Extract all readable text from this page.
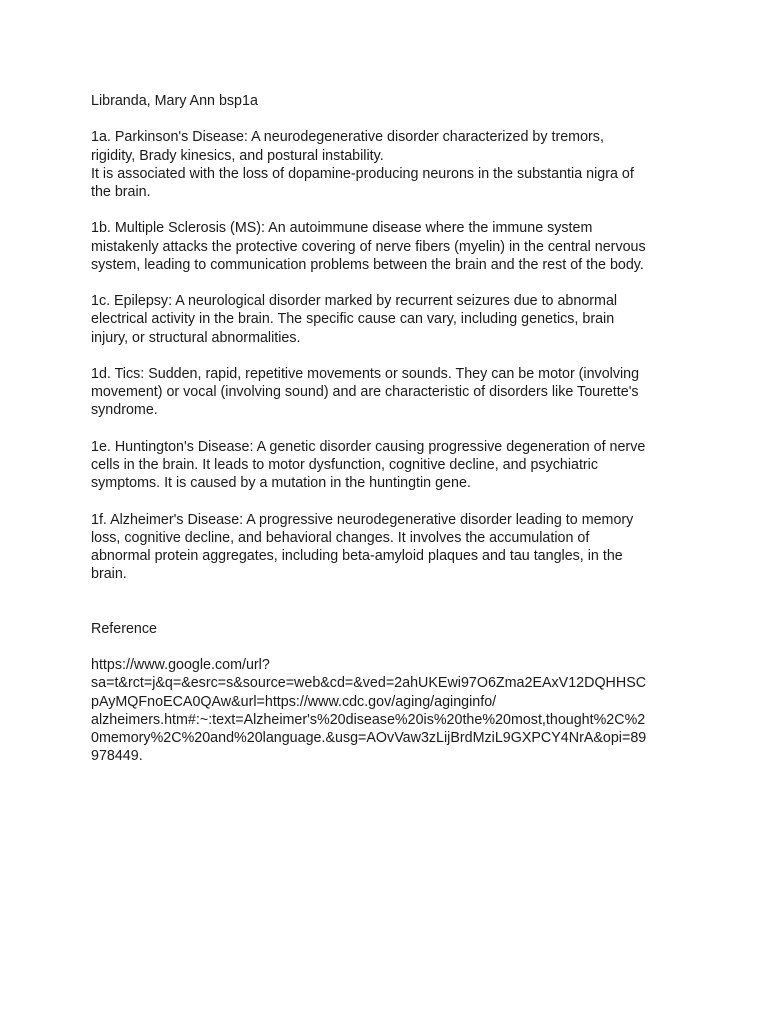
Libranda, Mary Ann bsp1a

1a. Parkinson's Disease: A neurodegenerative disorder characterized by tremors,

rigidity, Brady kinesics, and postural instability.

It is associated with the loss of dopamine-producing neurons in the substantia nigra of

the brain.

1b. Multiple Sclerosis (MS): An autoimmune disease where the immune system

mistakenly attacks the protective covering of nerve fibers (myelin) in the central nervous

system, leading to communication problems between the brain and the rest of the body.

1c. Epilepsy: A neurological disorder marked by recurrent seizures due to abnormal

electrical activity in the brain. The specific cause can vary, including genetics, brain

injury, or structural abnormalities.

1d. Tics: Sudden, rapid, repetitive movements or sounds. They can be motor (involving

movement) or vocal (involving sound) and are characteristic of disorders like Tourette's

syndrome.

1e. Huntington's Disease: A genetic disorder causing progressive degeneration of nerve

cells in the brain. It leads to motor dysfunction, cognitive decline, and psychiatric

symptoms. It is caused by a mutation in the huntingtin gene.

1f. Alzheimer's Disease: A progressive neurodegenerative disorder leading to memory

loss, cognitive decline, and behavioral changes. It involves the accumulation of

abnormal protein aggregates, including beta-amyloid plaques and tau tangles, in the

brain.

Reference

https://www.google.com/url?
sa=t&rct=j&q=&esrc=s&source=web&cd=&ved=2ahUKEwi97O6Zma2EAxV12DQHHSC
pAyMQFnoECA0QAw&url=https://www.cdc.gov/aging/aginginfo/
alzheimers.htm#:~:text=Alzheimer's%20disease%20is%20the%20most,thought%2C%2
0memory%2C%20and%20language.&usg=AOvVaw3zLijBrdMziL9GXPCY4NrA&opi=89
978449.
